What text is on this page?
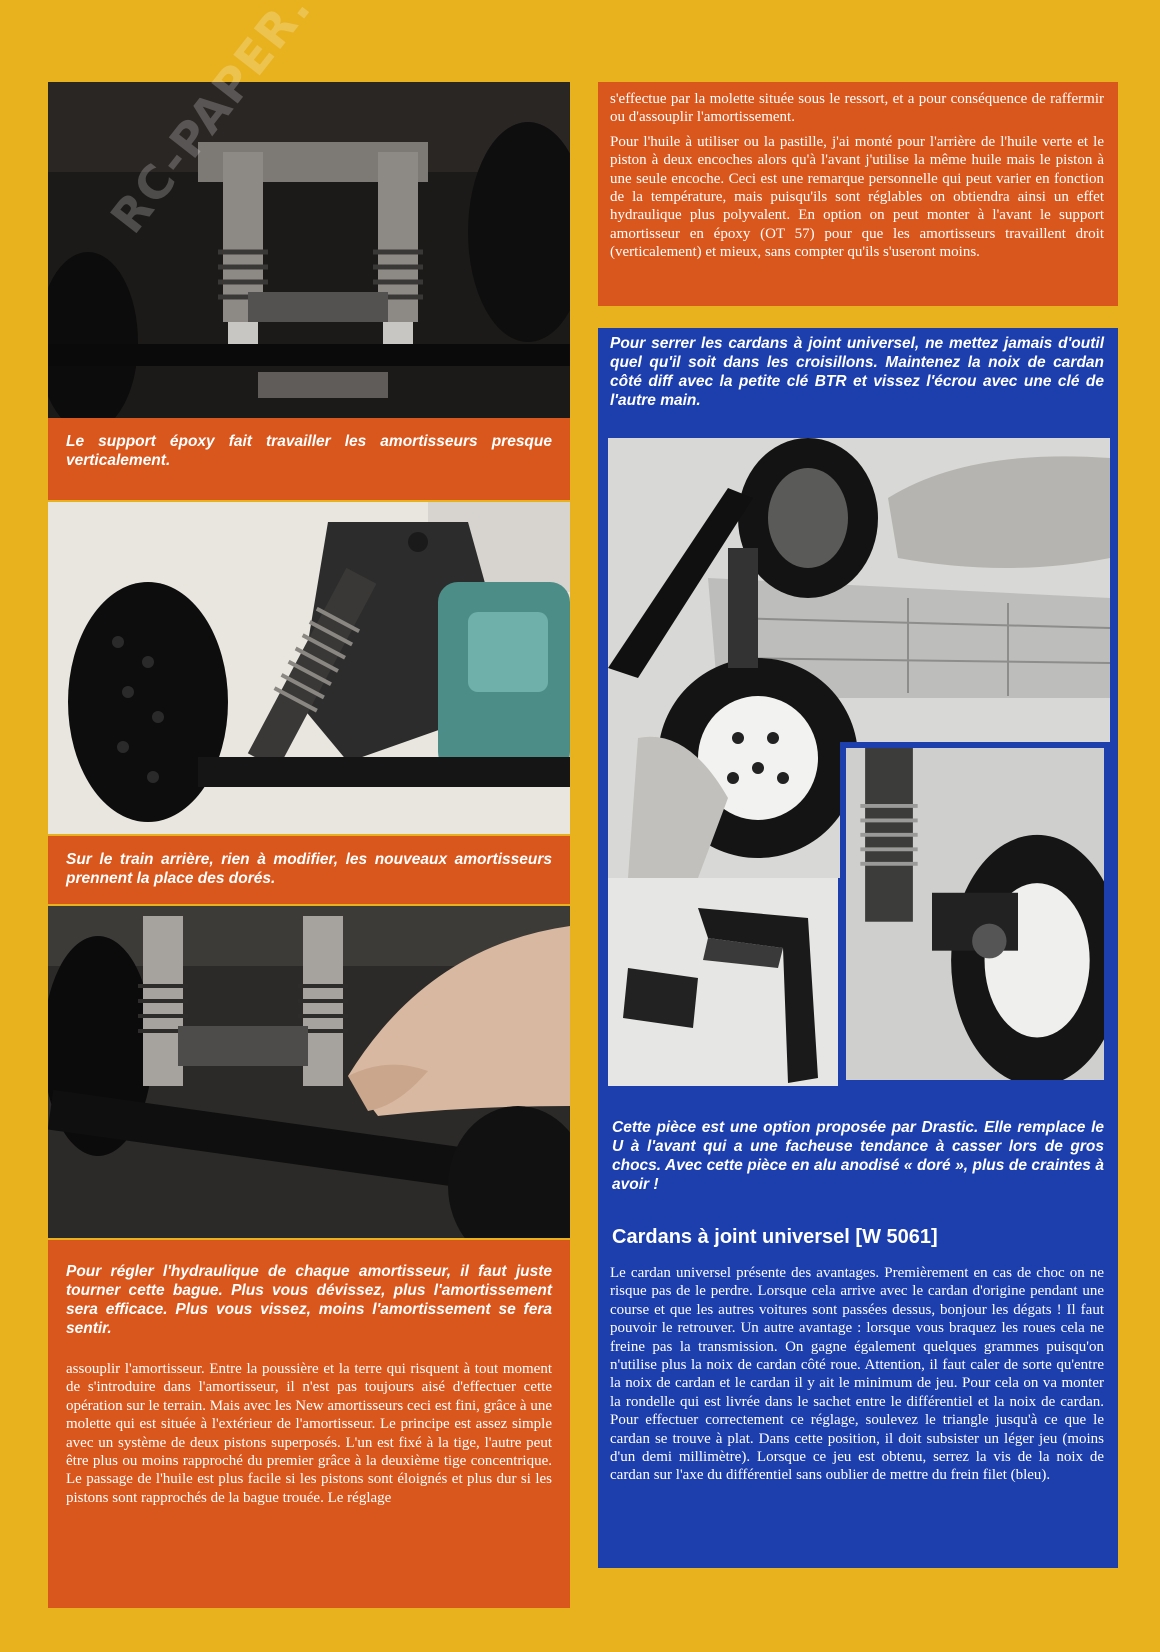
Le support époxy fait travailler les amortisseurs presque verticalement.

Sur le train arrière, rien à modifier, les nouveaux amortisseurs prennent la place des dorés.

Pour régler l'hydraulique de chaque amortisseur, il faut juste tourner cette bague. Plus vous dévissez, plus l'amortissement sera efficace. Plus vous vissez, moins l'amortissement se fera sentir.

assouplir l'amortisseur. Entre la poussière et la terre qui risquent à tout moment de s'introduire dans l'amortisseur, il n'est pas toujours aisé d'effectuer cette opération sur le terrain. Mais avec les New amortisseurs ceci est fini, grâce à une molette qui est située à l'extérieur de l'amortisseur. Le principe est assez simple avec un système de deux pistons superposés. L'un est fixé à la tige, l'autre peut être plus ou moins rapproché du premier grâce à la deuxième tige concentrique. Le passage de l'huile est plus facile si les pistons sont éloignés et plus dur si les pistons sont rapprochés de la bague trouée. Le réglage

s'effectue par la molette située sous le ressort, et a pour conséquence de raffermir ou d'assouplir l'amortissement.

Pour l'huile à utiliser ou la pastille, j'ai monté pour l'arrière de l'huile verte et le piston à deux encoches alors qu'à l'avant j'utilise la même huile mais le piston à une seule encoche. Ceci est une remarque personnelle qui peut varier en fonction de la température, mais puisqu'ils sont réglables on obtiendra ainsi un effet hydraulique plus polyvalent. En option on peut monter à l'avant le support amortisseur en époxy (OT 57) pour que les amortisseurs travaillent droit (verticalement) et mieux, sans compter qu'ils s'useront moins.

Pour serrer les cardans à joint universel, ne mettez jamais d'outil quel qu'il soit dans les croisillons. Maintenez la noix de cardan côté diff avec la petite clé BTR et vissez l'écrou avec une clé de l'autre main.

Cette pièce est une option proposée par Drastic. Elle remplace le U à l'avant qui a une facheuse tendance à casser lors de gros chocs. Avec cette pièce en alu anodisé « doré », plus de craintes à avoir !

Cardans à joint universel [W 5061]
Le cardan universel présente des avantages. Premièrement en cas de choc on ne risque pas de le perdre. Lorsque cela arrive avec le cardan d'origine pendant une course et que les autres voitures sont passées dessus, bonjour les dégats ! Il faut pouvoir le retrouver. Un autre avantage : lorsque vous braquez les roues cela ne freine pas la transmission. On gagne également quelques grammes puisqu'on n'utilise plus la noix de cardan côté roue. Attention, il faut caler de sorte qu'entre la noix de cardan et le cardan il y ait le minimum de jeu. Pour cela on va monter la rondelle qui est livrée dans le sachet entre le différentiel et la noix de cardan. Pour effectuer correctement ce réglage, soulevez le triangle jusqu'à ce que le cardan se trouve à plat. Dans cette position, il doit subsister un léger jeu (moins d'un demi millimètre). Lorsque ce jeu est obtenu, serrez la vis de la noix de cardan sur l'axe du différentiel sans oublier de mettre du frein filet (bleu).
